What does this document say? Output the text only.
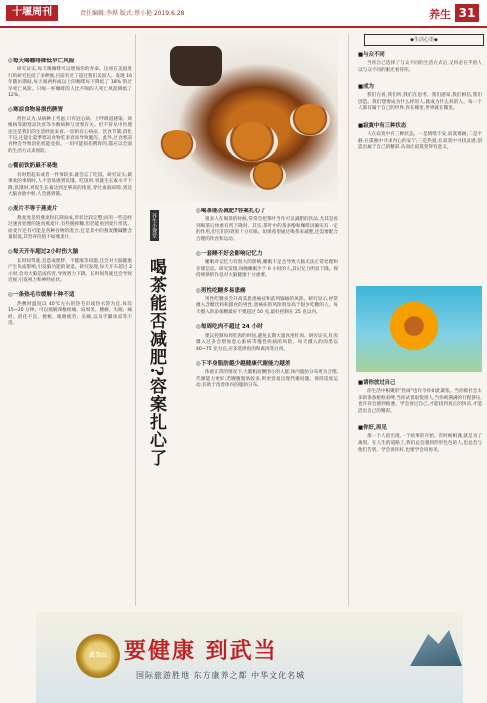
十堰周刊	责任编辑:李烨 版式:蔡小艳 2019.6.28	养生 31
◎每天喝咖啡降低早亡风险

研究证实,每天喝咖啡可以增加你的寿命。这项在美国进行的研究包括了多种族,目前有近了超过我们美国人。发现 16 年随访期间,每天喝两杯或以上的咖啡每下降低了 18% 的过早死亡风险。只喝一杯咖啡的人比不喝的人死亡风险降低了 12%。

◎寒凉食物易损伤脾胃

西医认为,从病种上考虑,只有冠心病、上呼吸道感染、颈椎病等跟寒凉饮食等少数病种与受寒有关。但不管从中医理论还是我们的生活经验来看,一切的有心病症。饮食节制,消化不良,还能让夏季寒凉食物吃多容易导致腹泻。此外,过食寒凉食物会导致消化机能受损。一切可能损伤脾胃的,都应以全面的生活方式来预防。

◎餐前饮奶最不易饱

有时想起来或者一件事较多,就会忘了吃饭。研究证实,做事欢的事情时,人不容易感到饥饿。吃饭时,胃就生长素水平下降,饥饿时,胃促生长素达到足够高的浓度,穿过血脑屏障,到达大脑食欲中枢,人会感到饿。

◎麦片不等于燕麦片

燕麦麦是用燕麦粒轧制而成,形状比较完整;而有一些是经过速食处理的速食燕麦片,有些脱掉糠,但仍能看到麦片形状。而麦片还有可能是各种谷物的混合,还是其中的燕麦酸碱酸含量很低,其营养价值不如燕麦片。

◎每天开车超过2小时伤大脑

长时间驾驶,会造成肥胖、不健康等问题,还会对大脑健康产生负面影响,引发脑功能的衰退。研究发现,每天开车超过 2 小时,会对大脑造成伤害,导致智力下降。长时间驾驶还会导致近视,引发视力和神经症状。

◎一条热毛巾缓解十种不适

热敷时温度以 40℃左右的热毛巾或热水袋为宜,每次 15~20 分钟。可以缓解颈椎疼痛、肩周炎、腰痛、失眠、痛经、消化不良、便秘、眼睛疲劳、头痛,以及手脚冰凉等不适。

养生小课堂
喝茶能否减肥?容案扎心了
◎喝茶能否减肥?容案扎心了

很多人在喝茶的时候,常常会把茶叶当作可以减肥的饮品,尤其是看到喝茶后体重有所下降时。其实,茶叶中的茶多酚和咖啡因确实有一定的作用,但它们的效果十分有限。如果希望通过喝茶来减肥,还需要配合合理的饮食和运动。

◎一套睡不好会影响记忆力

睡眠对记忆力有很大的影响,睡眠不足会导致大脑无法正常处理和存储信息。研究发现,每晚睡眠少于 6 小时的人,其记忆力明显下降。保持规律的作息对大脑健康十分重要。

◎男性吃糖多易患癌

男性吃糖多会升高其患患癌症和前列腺癌的风险。研究显示,经常摄入含糖饮料和甜食的男性,患癌症的风险明显高于很少吃糖的人。每天摄入的添加糖最好不要超过 50 克,最好控制在 25 克以内。

◎每周吃肉不超过 24 小时

建议控制每周吃肉的时间,避免长期大量食用红肉。研究证实,红肉摄入过多会增加患心脏病等慢性疾病的风险。每天摄入的肉类以 40~75 克为宜,应多选择鱼肉和禽肉等白肉。

◎下半身脂肪越少越健康代谢能力越差

体重正常的情况下,大腿粗而腰围小的人群,体内脂肪分布更为合理,代谢能力更好;若腰腹脂肪较多,则更容易出现代谢问题。保持适度运动,有助于改善体内的脂肪分布。

◆生活心语◆
■与众不同

当你自己选择了与众不同的生活方式后,又何必在乎别人以与众不同的眼光看待你。

■成为

我们在看,我们听,我们在思考。我们感知,我们相信,我们创造。我们想要成为什么样的人,就成为什么样的人。每一个人都有属于自己的世界,你在哪里,世界就在哪里。

■寂寞中有三种状态

人在寂寞中有三种状态。一是情绪不安,寂寞难耐;二是平静,在孤独中寻求内心的安宁;三是热爱,在寂寞中寻找灵感,创造出属于自己的精彩,从而让寂寞变得有意义。

■请你放过自己

你生活中相聚的"热闹"也许令你如此紧张。当你被社会太多的条条框框束缚,当你试着取悦别人,当你被满满的行程挤压,也许你会感到疲惫。学会放过自己,才能找到真正的快乐,才能活出自己的精彩。

■你好,再见

那一个人的出现,一个故事的开始。有时候相遇,就是为了离别。在人生的道路上,我们总会遇到形形色色的人,也总会与他们告别。学会说你好,也要学会说再见。

武当山 要健康 到武当
国际旅游胜地 东方康养之都 中华文化名城
